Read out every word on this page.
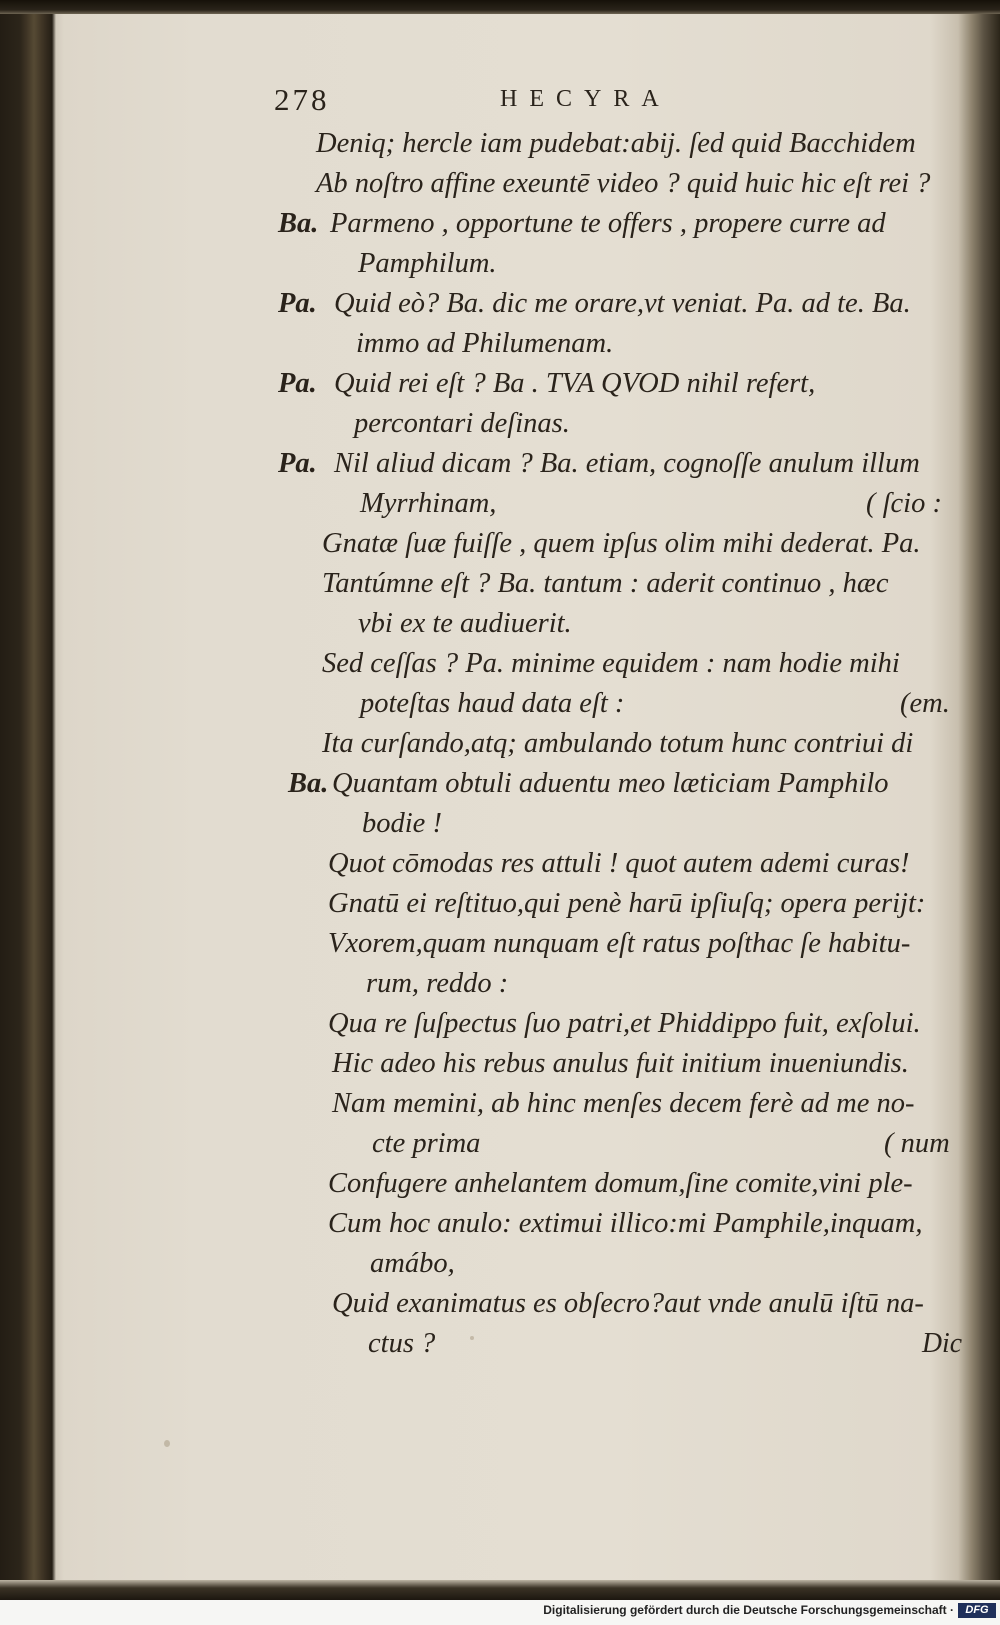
278	HECYRA
Deniq; hercle iam pudebat:abij. ſed quid Bacchidem
Ab noſtro affine exeuntē video ? quid huic hic eſt rei ?
Ba. Parmeno , opportune te offers , propere curre ad
Pamphilum.
Pa. Quid eò? Ba. dic me orare,vt veniat. Pa. ad te. Ba.
immo ad Philumenam.
Pa. Quid rei eſt ? Ba . TVA QVOD nihil refert,
percontari deſinas.
Pa. Nil aliud dicam ? Ba. etiam, cognoſſe anulum illum
Myrrhinam,	( ſcio :
Gnatæ ſuæ fuiſſe , quem ipſus olim mihi dederat. Pa.
Tantúmne eſt ? Ba. tantum : aderit continuo , hæc
vbi ex te audiuerit.
Sed ceſſas ? Pa. minime equidem : nam hodie mihi
poteſtas haud data eſt :	(em.
Ita curſando,atq; ambulando totum hunc contriui di
Ba. Quantam obtuli aduentu meo læticiam Pamphilo
bodie !
Quot cōmodas res attuli ! quot autem ademi curas!
Gnatū ei reſtituo,qui penè harū ipſiuſq; opera perijt:
Vxorem,quam nunquam eſt ratus poſthac ſe habitu-
rum, reddo :
Qua re ſuſpectus ſuo patri,et Phiddippo fuit, exſolui.
Hic adeo his rebus anulus fuit initium inueniundis.
Nam memini, ab hinc menſes decem ferè ad me no-
cte prima	( num
Confugere anhelantem domum,ſine comite,vini ple-
Cum hoc anulo: extimui illico:mi Pamphile,inquam,
amábo,
Quid exanimatus es obſecro?aut vnde anulū iſtū na-
ctus ?	Dic
Digitalisierung gefördert durch die Deutsche Forschungsgemeinschaft ·	DFG
